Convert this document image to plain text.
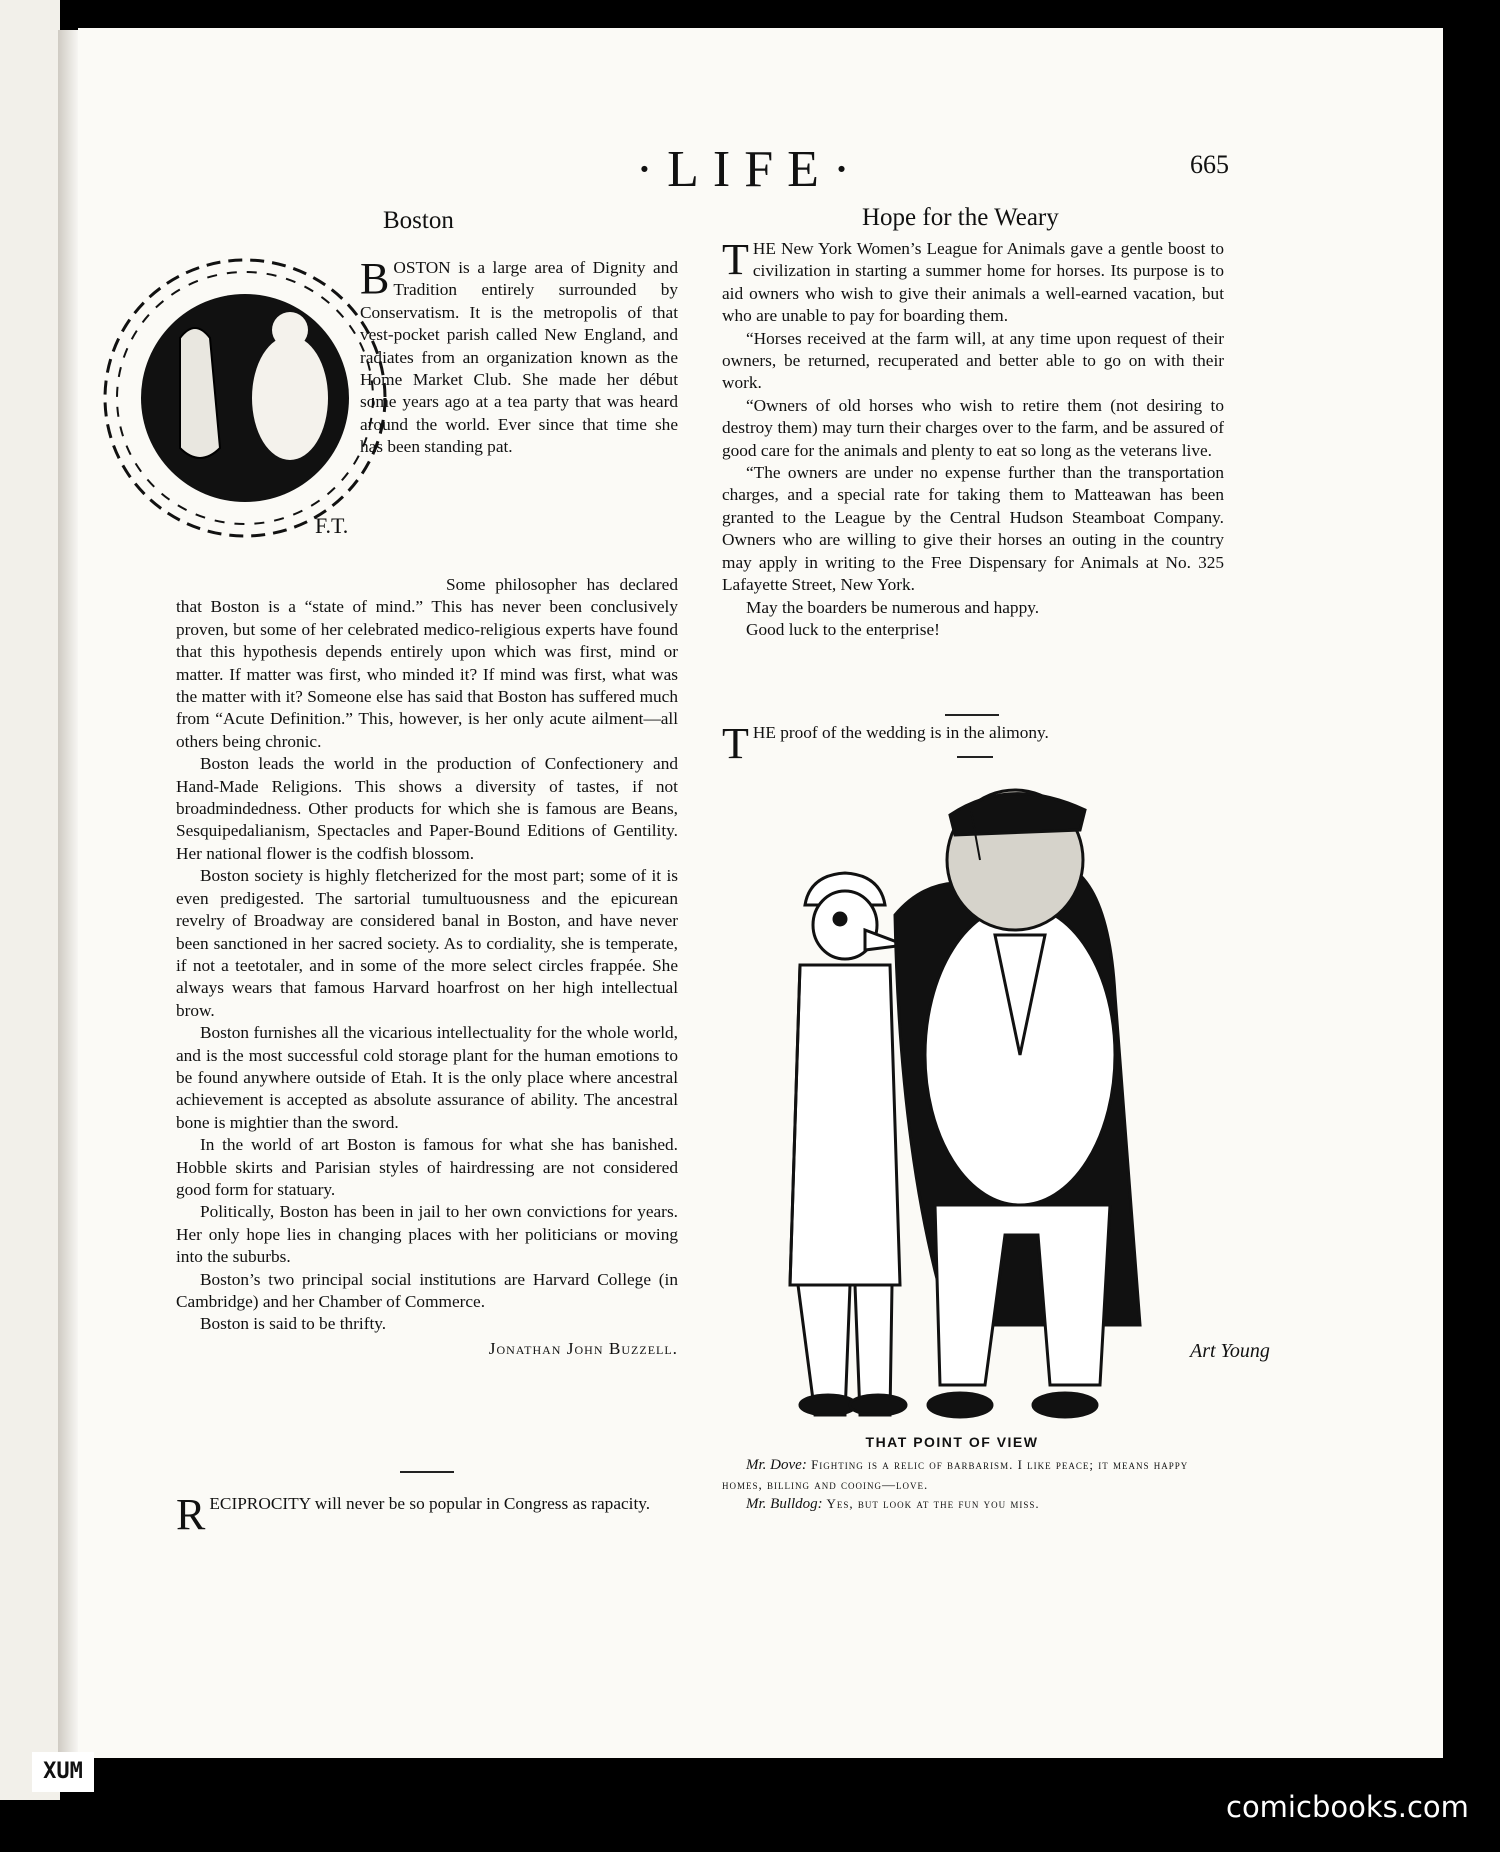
·LIFE·	665
Boston
F.T.
B OSTON is a large area of Dignity and Tradition entirely surrounded by Conservatism. It is the metropolis of that vest-pocket parish called New England, and radiates from an organization known as the Home Market Club. She made her début some years ago at a tea party that was heard around the world. Ever since that time she has been standing pat.

Some philosopher has declared that Boston is a “state of mind.” This has never been conclusively proven, but some of her celebrated medico-religious experts have found that this hypothesis depends entirely upon which was first, mind or matter. If matter was first, who minded it? If mind was first, what was the matter with it? Someone else has said that Boston has suffered much from “Acute Definition.” This, however, is her only acute ailment—all others being chronic.

Boston leads the world in the production of Confectionery and Hand-Made Religions. This shows a diversity of tastes, if not broadmindedness. Other products for which she is famous are Beans, Sesquipedalianism, Spectacles and Paper-Bound Editions of Gentility. Her national flower is the codfish blossom.

Boston society is highly fletcherized for the most part; some of it is even predigested. The sartorial tumultuousness and the epicurean revelry of Broadway are considered banal in Boston, and have never been sanctioned in her sacred society. As to cordiality, she is temperate, if not a teetotaler, and in some of the more select circles frappée. She always wears that famous Harvard hoarfrost on her high intellectual brow.

Boston furnishes all the vicarious intellectuality for the whole world, and is the most successful cold storage plant for the human emotions to be found anywhere outside of Etah. It is the only place where ancestral achievement is accepted as absolute assurance of ability. The ancestral bone is mightier than the sword.

In the world of art Boston is famous for what she has banished. Hobble skirts and Parisian styles of hairdressing are not considered good form for statuary.

Politically, Boston has been in jail to her own convictions for years. Her only hope lies in changing places with her politicians or moving into the suburbs.

Boston’s two principal social institutions are Harvard College (in Cambridge) and her Chamber of Commerce.

Boston is said to be thrifty.

Jonathan John Buzzell.
R ECIPROCITY will never be so popular in Congress as rapacity.
Hope for the Weary
T HE New York Women’s League for Animals gave a gentle boost to civilization in starting a summer home for horses. Its purpose is to aid owners who wish to give their animals a well-earned vacation, but who are unable to pay for boarding them.

“Horses received at the farm will, at any time upon request of their owners, be returned, recuperated and better able to go on with their work.

“Owners of old horses who wish to retire them (not desiring to destroy them) may turn their charges over to the farm, and be assured of good care for the animals and plenty to eat so long as the veterans live.

“The owners are under no expense further than the transportation charges, and a special rate for taking them to Matteawan has been granted to the League by the Central Hudson Steamboat Company. Owners who are willing to give their horses an outing in the country may apply in writing to the Free Dispensary for Animals at No. 325 Lafayette Street, New York.

May the boarders be numerous and happy.

Good luck to the enterprise!

T HE proof of the wedding is in the alimony.
Art Young
THAT POINT OF VIEW
Mr. Dove: Fighting is a relic of barbarism. I like peace; it means happy homes, billing and cooing—love.
Mr. Bulldog: Yes, but look at the fun you miss.
XUM
comicbooks.com
